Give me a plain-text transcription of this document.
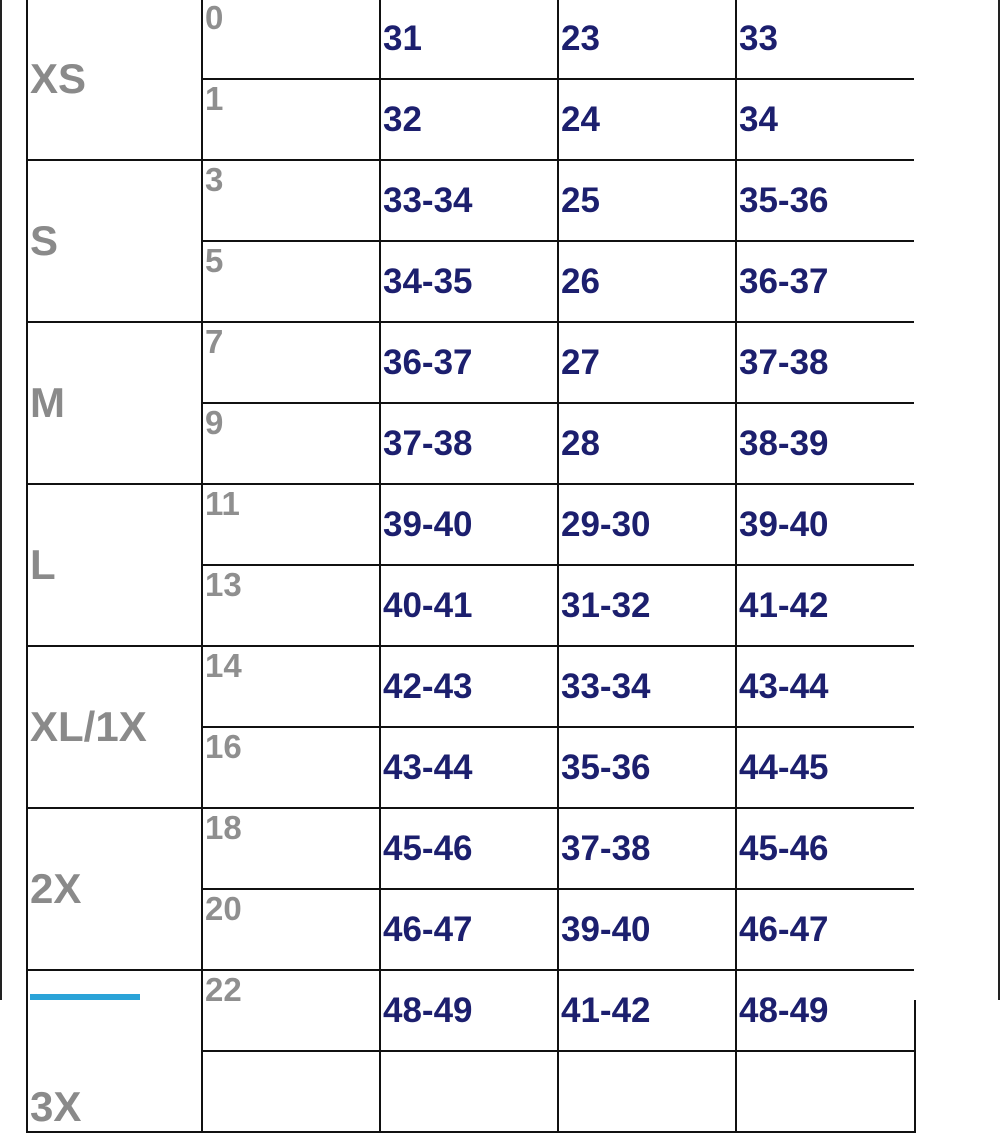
XS	0	31	23	33
	1	32	24	34
S	3	33-34	25	35-36
	5	34-35	26	36-37
M	7	36-37	27	37-38
	9	37-38	28	38-39
L	11	39-40	29-30	39-40
	13	40-41	31-32	41-42
XL/1X	14	42-43	33-34	43-44
	16	43-44	35-36	44-45
2X	18	45-46	37-38	45-46
	20	46-47	39-40	46-47
3X	22	48-49	41-42	48-49
